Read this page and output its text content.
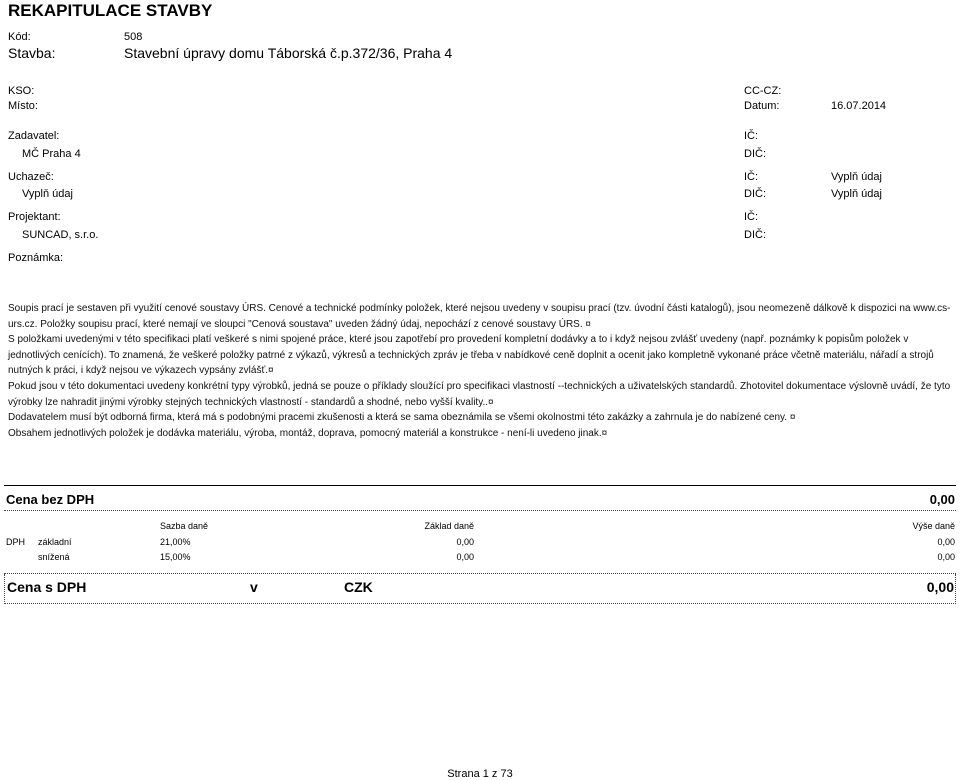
REKAPITULACE STAVBY
Kód:	508
Stavba:	Stavební úpravy domu Táborská č.p.372/36, Praha 4
KSO:	CC-CZ:
Místo:	Datum:	16.07.2014
Zadavatel:	IČ:
MČ Praha 4	DIČ:
Uchazeč:	IČ:	Vyplň údaj
Vyplň údaj	DIČ:	Vyplň údaj
Projektant:	IČ:
SUNCAD, s.r.o.	DIČ:
Poznámka:

Soupis prací je sestaven při využití cenové soustavy ÚRS. Cenové a technické podmínky položek, které nejsou uvedeny v soupisu prací (tzv. úvodní části katalogů), jsou neomezeně dálkově k dispozici na www.cs-urs.cz. Položky soupisu prací, které nemají ve sloupci "Cenová soustava" uveden žádný údaj, nepochází z cenové soustavy ÚRS. ¤

S položkami uvedenými v této specifikaci platí veškeré s nimi spojené práce, které jsou zapotřebí pro provedení kompletní dodávky a to i když nejsou zvlášť uvedeny (např. poznámky k popisům položek v jednotlivých cenících). To znamená, že veškeré položky patrné z výkazů, výkresů a technických zpráv je třeba v nabídkové ceně doplnit a ocenit jako kompletně vykonané práce včetně materiálu, nářadí a strojů nutných k práci, i když nejsou ve výkazech vypsány zvlášť.¤

Pokud jsou v této dokumentaci uvedeny konkrétní typy výrobků, jedná se pouze o příklady sloužící pro specifikaci vlastností --technických a uživatelských standardů. Zhotovitel dokumentace výslovně uvádí, že tyto výrobky lze nahradit jinými výrobky stejných technických vlastností - standardů a shodné, nebo vyšší kvality..¤

Dodavatelem musí být odborná firma, která má s podobnými pracemi zkušenosti a která se sama obeznámila se všemi okolnostmi této zakázky a zahrnula je do nabízené ceny. ¤

Obsahem jednotlivých položek je dodávka materiálu, výroba, montáž, doprava, pomocný materiál a konstrukce - není-li uvedeno jinak.¤

Cena bez DPH	0,00
Sazba daně	Základ daně	Výše daně
DPH základní	21,00%	0,00	0,00
snížená	15,00%	0,00	0,00
Cena s DPH	v	CZK	0,00
Strana 1 z 73
